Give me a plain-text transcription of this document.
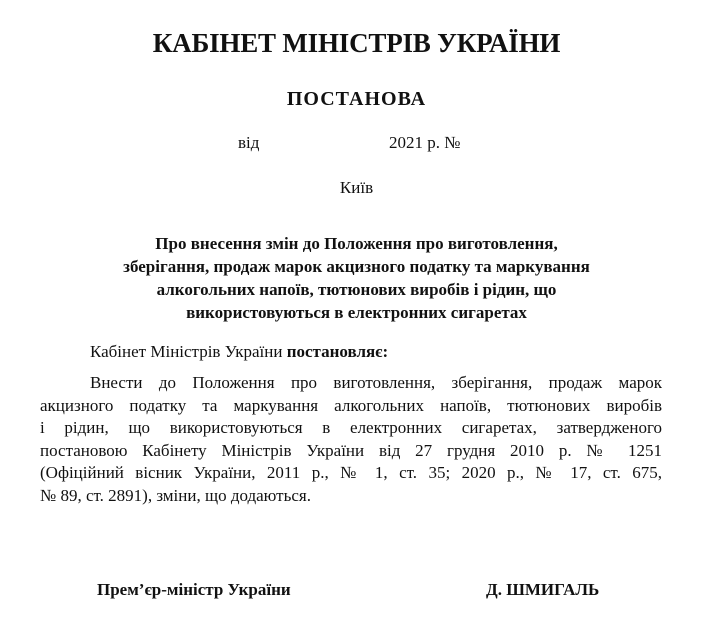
КАБІНЕТ МІНІСТРІВ УКРАЇНИ
ПОСТАНОВА
від	2021 р. №
Київ
Про внесення змін до Положення про виготовлення,
зберігання, продаж марок акцизного податку та маркування
алкогольних напоїв, тютюнових виробів і рідин, що
використовуються в електронних сигаретах
Кабінет Міністрів України постановляє:
Внести до Положення про виготовлення, зберігання, продаж марок
акцизного податку та маркування алкогольних напоїв, тютюнових виробів
і рідин, що використовуються в електронних сигаретах, затвердженого
постановою Кабінету Міністрів України від 27 грудня 2010 р. № 1251
(Офіційний вісник України, 2011 р., № 1, ст. 35; 2020 р., № 17, ст. 675,
№ 89, ст. 2891), зміни, що додаються.
Прем’єр-міністр України	Д. ШМИГАЛЬ
